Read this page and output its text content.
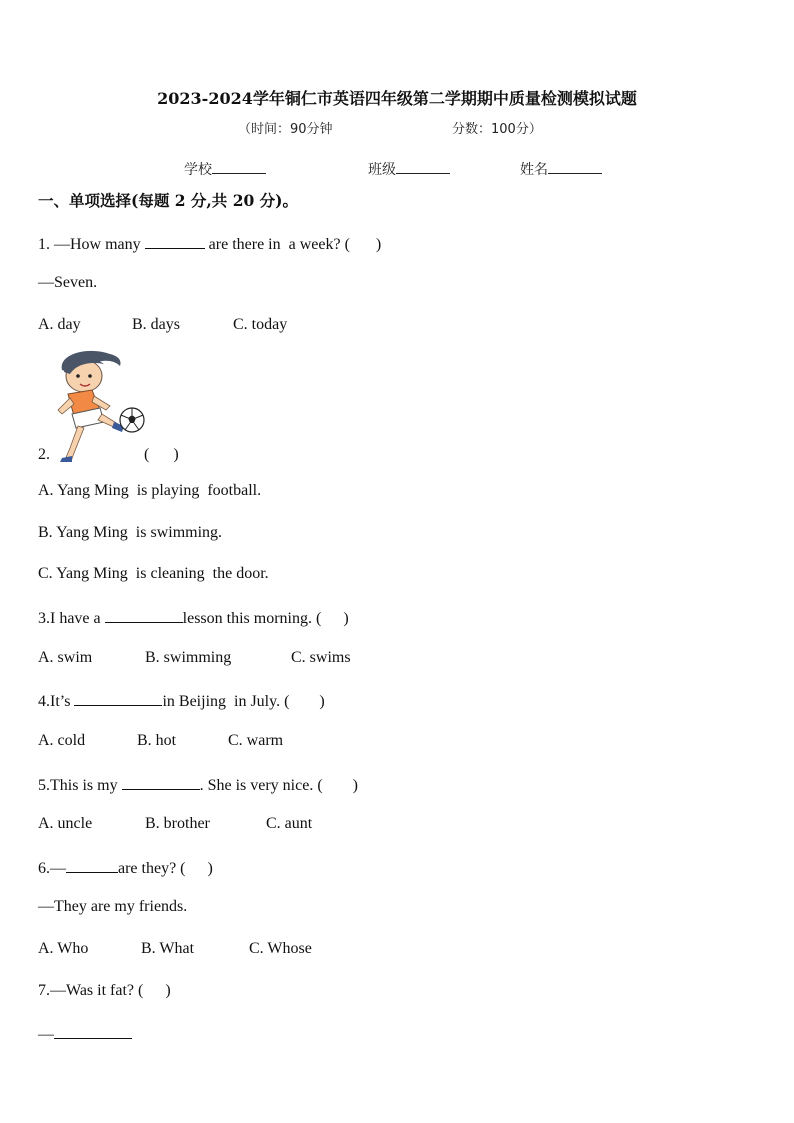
2023-2024学年铜仁市英语四年级第二学期期中质量检测模拟试题
（时间：90分钟	分数：100分）
学校	班级	姓名
一、单项选择(每题 2 分,共 20 分)。
1. —How many	are there in  a week? ( )
—Seven.
A. day	B. days	C. today
2.	(      )
A. Yang Ming  is playing  football.
B. Yang Ming  is swimming.
C. Yang Ming  is cleaning  the door.
3.I have a	lesson this morning. ( )
A. swim	B. swimming	C. swims
4.It’s	in Beijing  in July. ( )
A. cold	B. hot	C. warm
5.This is my	. She is very nice. ( )
A. uncle	B. brother	C. aunt
6.—	are they? ( )
—They are my friends.
A. Who	B. What	C. Whose
7.—Was it fat? ( )
—
